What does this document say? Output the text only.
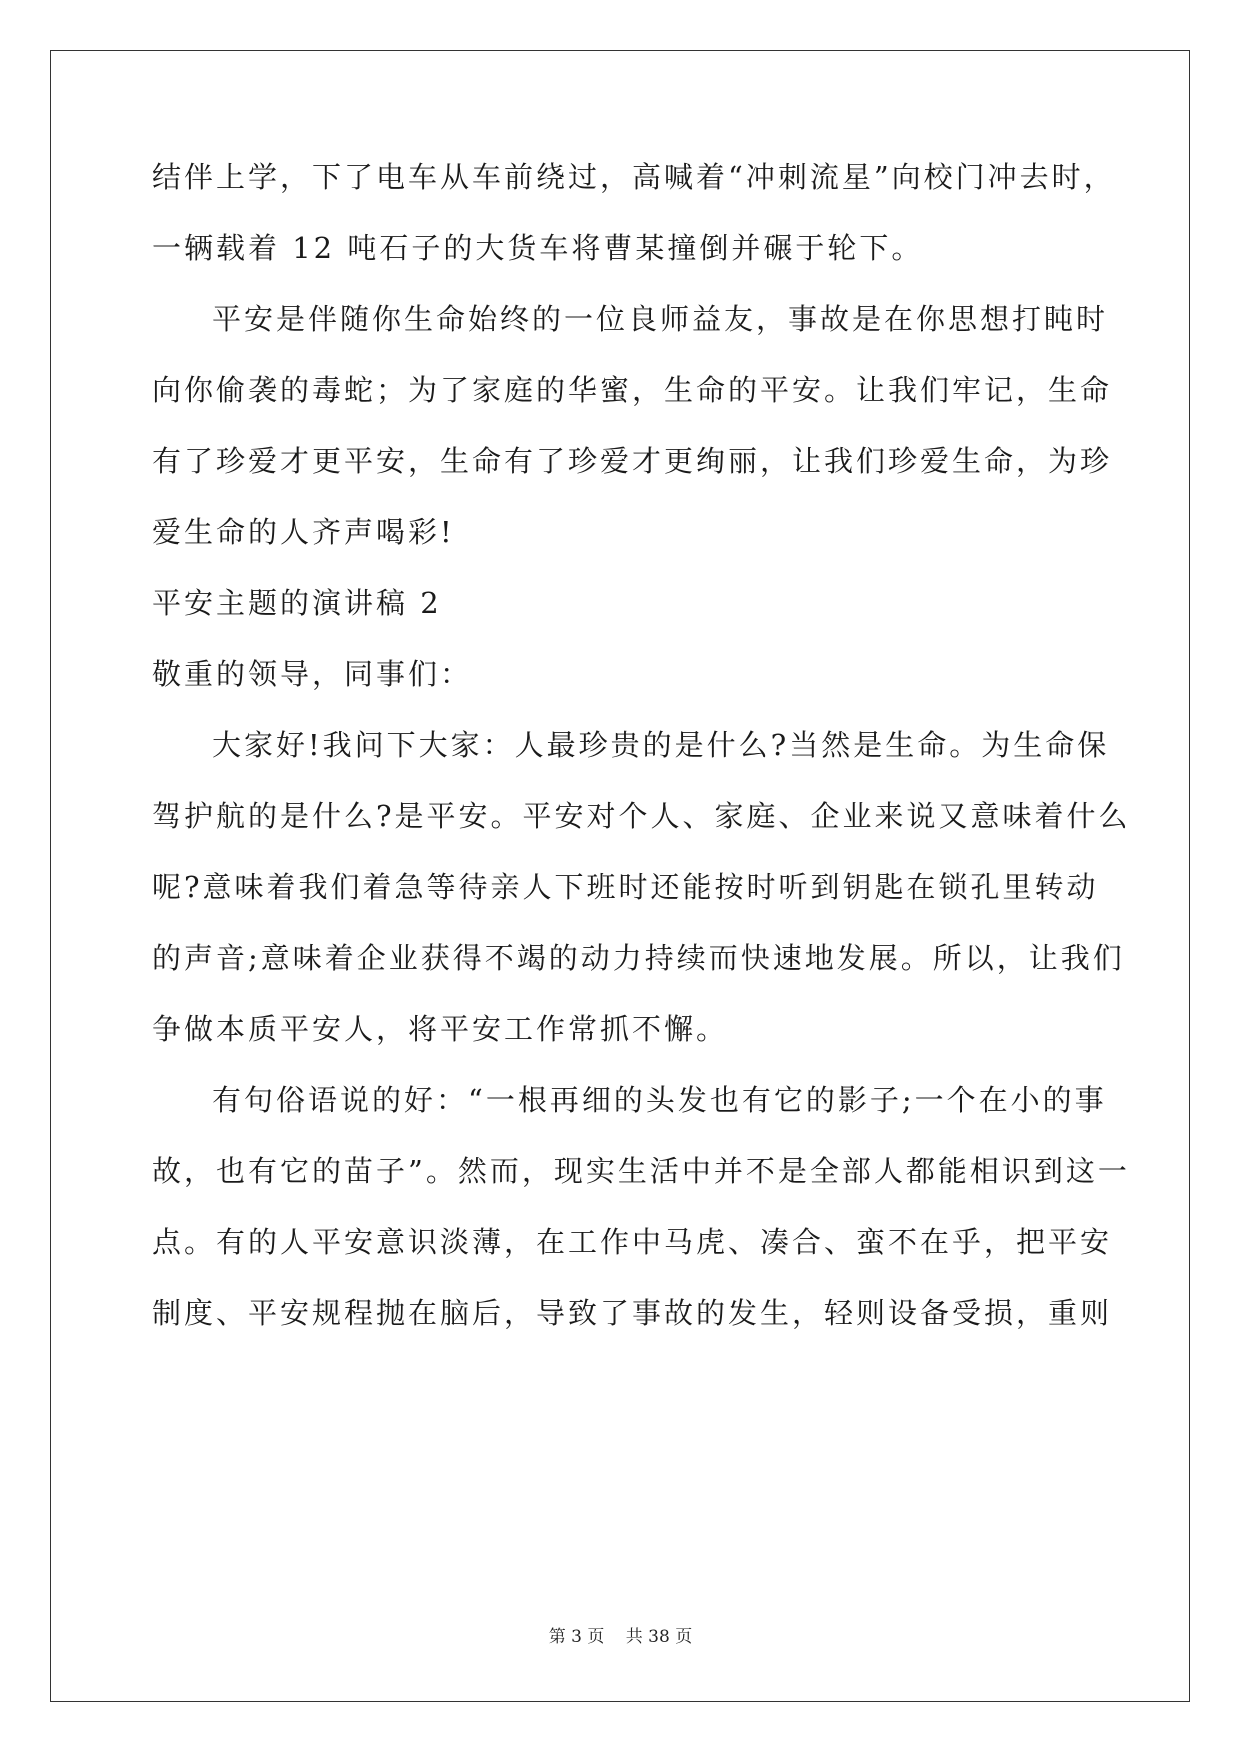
结伴上学，下了电车从车前绕过，高喊着“冲刺流星”向校门冲去时，
一辆载着 12 吨石子的大货车将曹某撞倒并碾于轮下。
平安是伴随你生命始终的一位良师益友，事故是在你思想打盹时
向你偷袭的毒蛇；为了家庭的华蜜，生命的平安。让我们牢记，生命
有了珍爱才更平安，生命有了珍爱才更绚丽，让我们珍爱生命，为珍
爱生命的人齐声喝彩!
平安主题的演讲稿 2
敬重的领导，同事们：
大家好!我问下大家：人最珍贵的是什么?当然是生命。为生命保
驾护航的是什么?是平安。平安对个人、家庭、企业来说又意味着什么
呢?意味着我们着急等待亲人下班时还能按时听到钥匙在锁孔里转动
的声音;意味着企业获得不竭的动力持续而快速地发展。所以，让我们
争做本质平安人，将平安工作常抓不懈。
有句俗语说的好：“一根再细的头发也有它的影子;一个在小的事
故，也有它的苗子”。然而，现实生活中并不是全部人都能相识到这一
点。有的人平安意识淡薄，在工作中马虎、凑合、蛮不在乎，把平安
制度、平安规程抛在脑后，导致了事故的发生，轻则设备受损，重则
第 3 页 共 38 页
